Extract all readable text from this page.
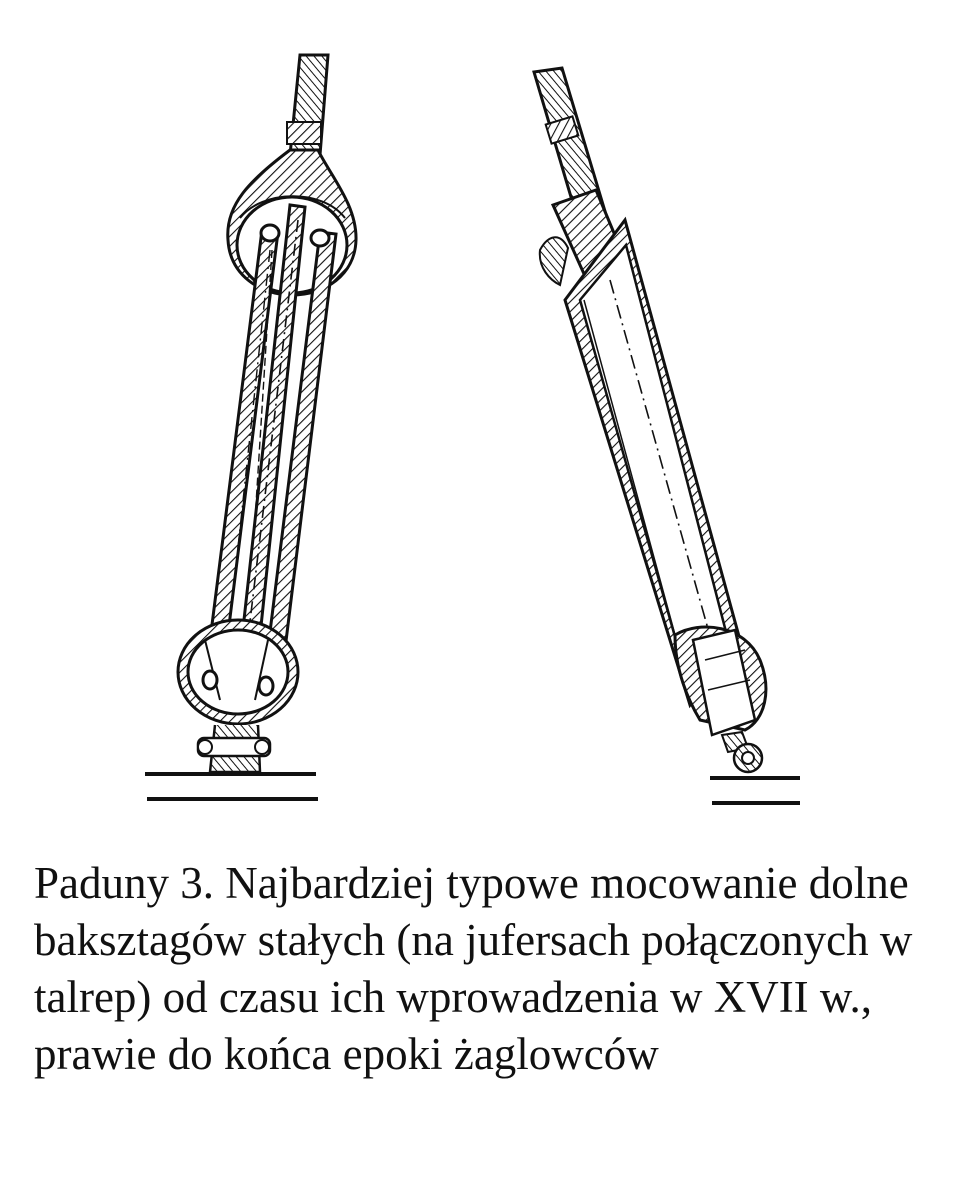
Paduny 3. Najbardziej typowe mocowanie dolne baksztagów stałych (na jufersach połączonych w talrep) od czasu ich wprowadzenia w XVII w., prawie do końca epoki żaglowców
